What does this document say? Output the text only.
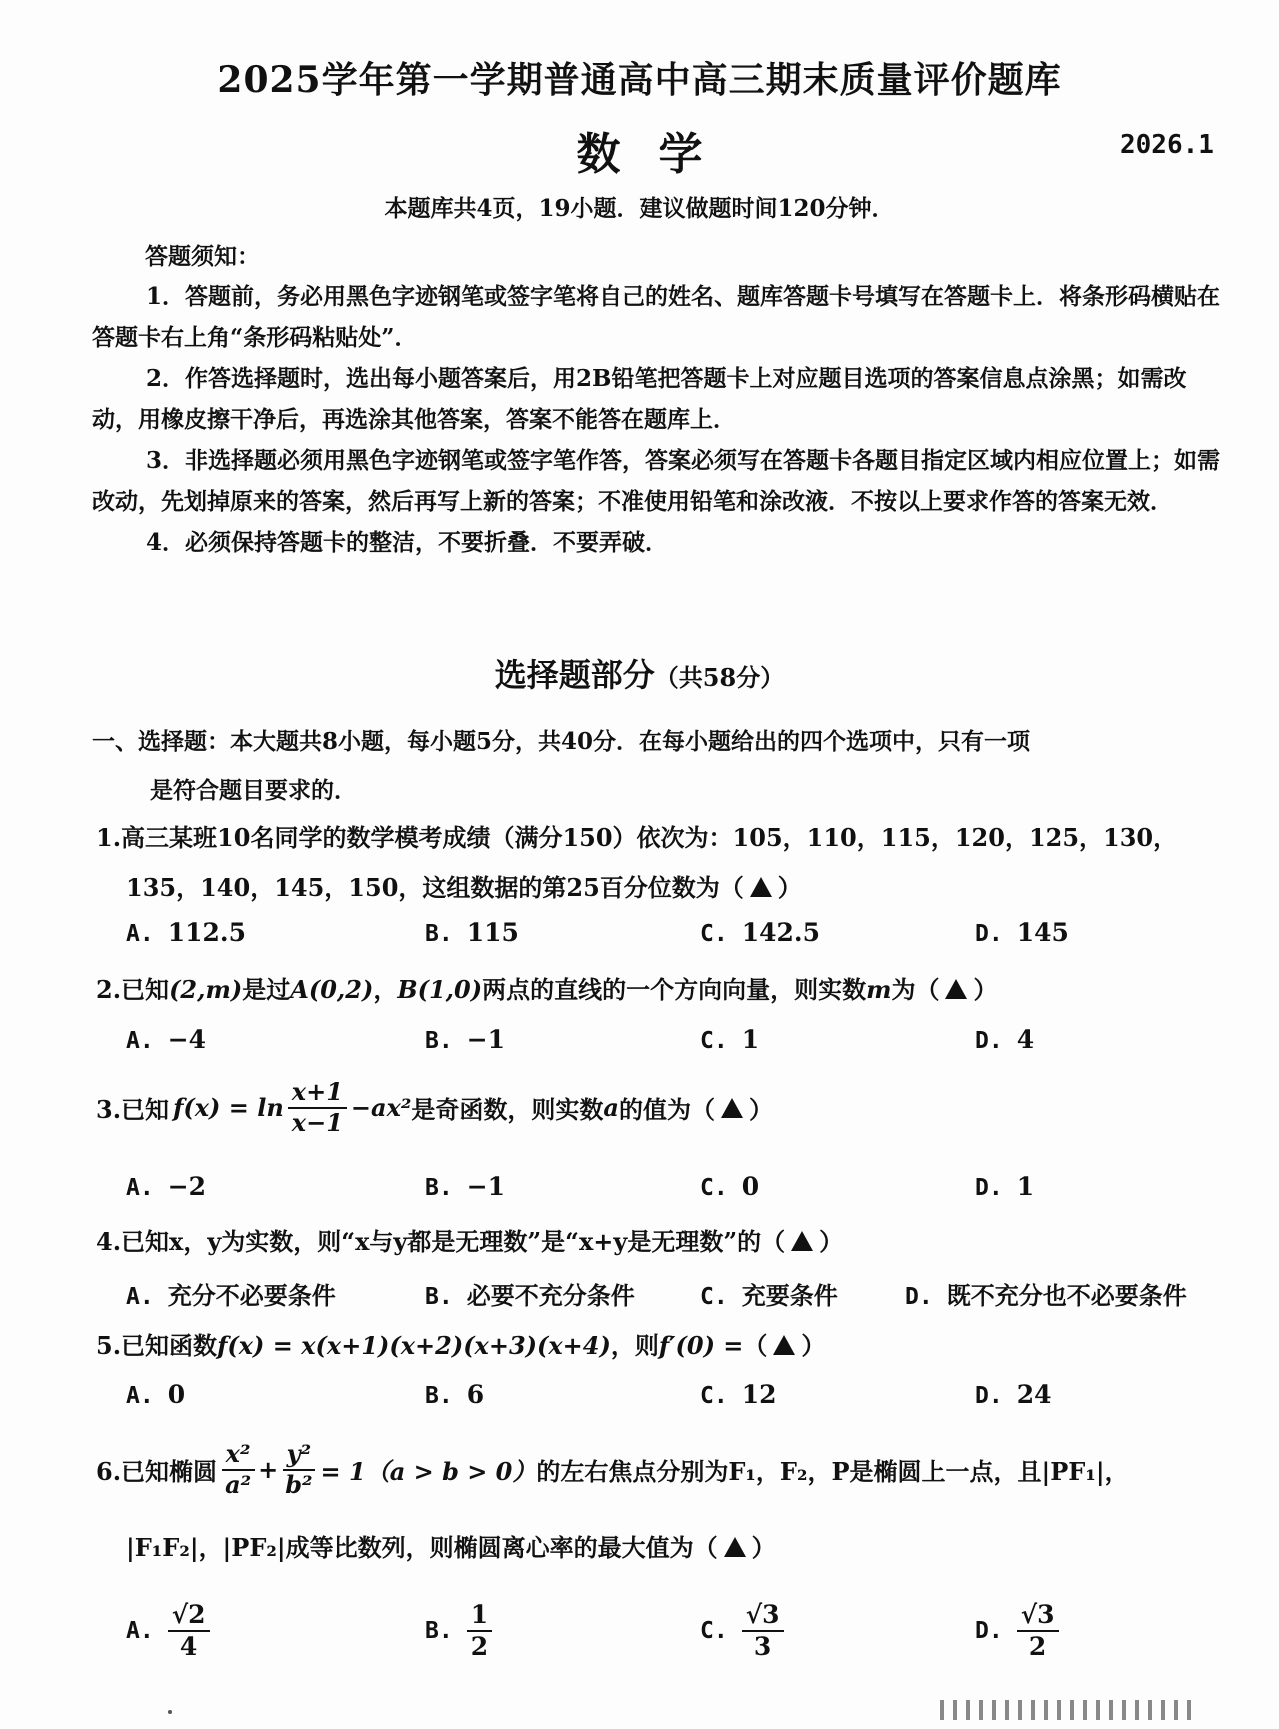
2025学年第一学期普通高中高三期末质量评价题库
数学	2026.1
本题库共4页，19小题．建议做题时间120分钟．
答题须知：

1．答题前，务必用黑色字迹钢笔或签字笔将自己的姓名、题库答题卡号填写在答题卡上．将条形码横贴在答题卡右上角“条形码粘贴处”．

2．作答选择题时，选出每小题答案后，用2B铅笔把答题卡上对应题目选项的答案信息点涂黑；如需改动，用橡皮擦干净后，再选涂其他答案，答案不能答在题库上．

3．非选择题必须用黑色字迹钢笔或签字笔作答，答案必须写在答题卡各题目指定区域内相应位置上；如需改动，先划掉原来的答案，然后再写上新的答案；不准使用铅笔和涂改液．不按以上要求作答的答案无效．

4．必须保持答题卡的整洁，不要折叠．不要弄破．

选择题部分（共58分）
一、选择题：本大题共8小题，每小题5分，共40分．在每小题给出的四个选项中，只有一项
是符合题目要求的．
1.高三某班10名同学的数学模考成绩（满分150）依次为：105，110，115，120，125，130，
135，140，145，150，这组数据的第25百分位数为（ ）
A. 112.5	B. 115	C. 142.5	D. 145
2.已知(2,m)是过A(0,2)，B(1,0)两点的直线的一个方向向量，则实数m为（ ）
A. −4	B. −1	C. 1	D. 4
3.已知 $f(x) = \ln \frac{x+1}{x-1} -ax^2$ 是奇函数，则实数 a 的值为（ ）
A. −2	B. −1	C. 0	D. 1
4.已知x，y为实数，则“x与y都是无理数”是“x+y是无理数”的（ ）
A. 充分不必要条件	B. 必要不充分条件	C. 充要条件	D. 既不充分也不必要条件
5.已知函数f(x) = x(x+1)(x+2)(x+3)(x+4)，则f′(0) =（ ）
A. 0	B. 6	C. 12	D. 24
6.已知椭圆 $\frac{\text{x²}}{\text{a²}} + \frac{\text{y²}}{\text{b²}} = 1(a > b > 0)$ 的左右焦点分别为F₁，F₂，P是椭圆上一点，且|PF₁|，
|F₁F₂|，|PF₂|成等比数列，则椭圆离心率的最大值为（ ）
A. $\frac{√2}{4}$	B. $\frac{1}{2}$	C. $\frac{√3}{3}$	D. $\frac{√3}{2}$
